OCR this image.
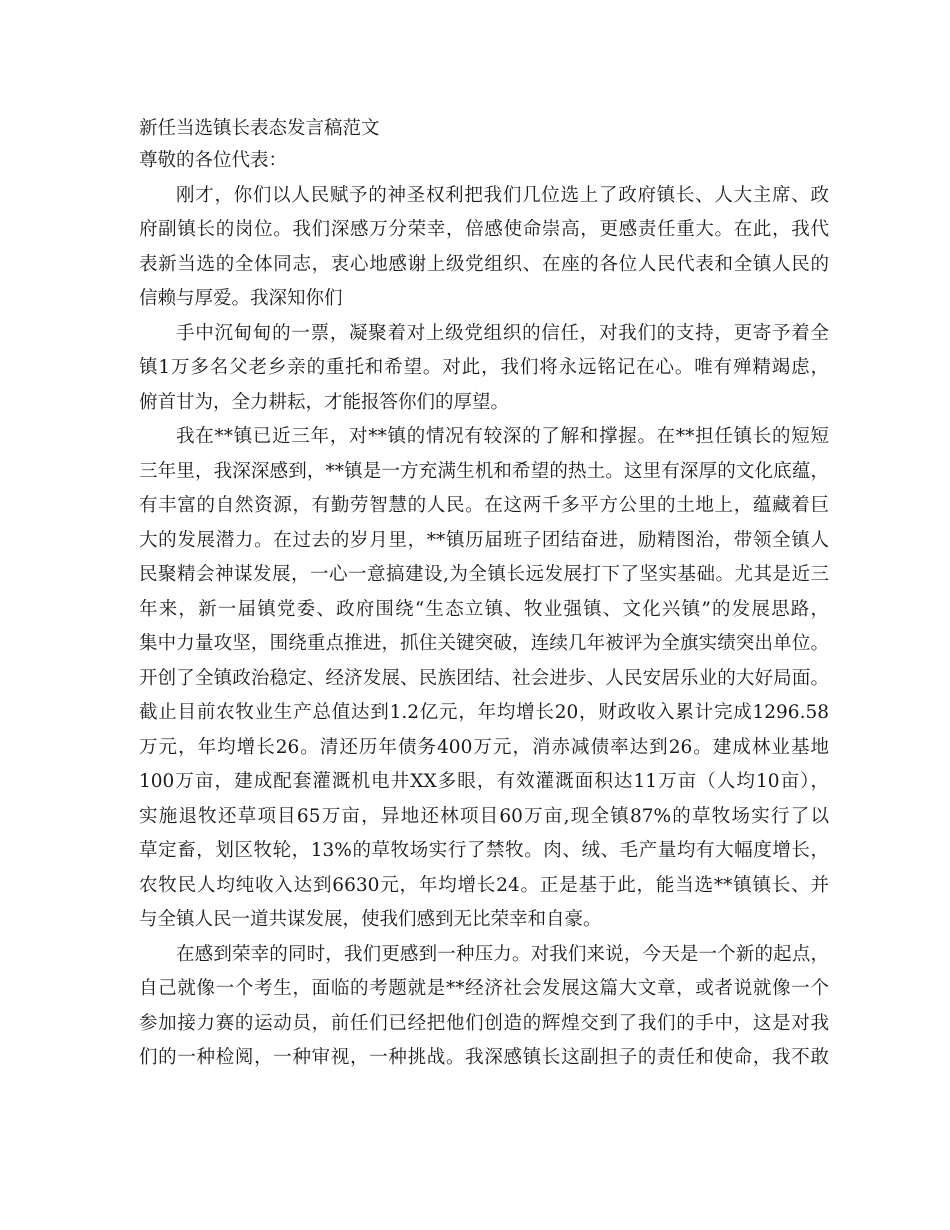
新任当选镇长表态发言稿范文
尊敬的各位代表：
刚才，你们以人民赋予的神圣权利把我们几位选上了政府镇长、人大主席、政
府副镇长的岗位。我们深感万分荣幸，倍感使命崇高，更感责任重大。在此，我代
表新当选的全体同志，衷心地感谢上级党组织、在座的各位人民代表和全镇人民的
信赖与厚爱。我深知你们
手中沉甸甸的一票，凝聚着对上级党组织的信任，对我们的支持，更寄予着全
镇1万多名父老乡亲的重托和希望。对此，我们将永远铭记在心。唯有殚精竭虑，
俯首甘为，全力耕耘，才能报答你们的厚望。
我在**镇已近三年，对**镇的情况有较深的了解和撑握。在**担任镇长的短短
三年里，我深深感到，**镇是一方充满生机和希望的热土。这里有深厚的文化底蕴，
有丰富的自然资源，有勤劳智慧的人民。在这两千多平方公里的土地上，蕴藏着巨
大的发展潜力。在过去的岁月里，**镇历届班子团结奋进，励精图治，带领全镇人
民聚精会神谋发展，一心一意搞建设,为全镇长远发展打下了坚实基础。尤其是近三
年来，新一届镇党委、政府围绕“生态立镇、牧业强镇、文化兴镇”的发展思路，
集中力量攻坚，围绕重点推进，抓住关键突破，连续几年被评为全旗实绩突出单位。
开创了全镇政治稳定、经济发展、民族团结、社会进步、人民安居乐业的大好局面。
截止目前农牧业生产总值达到1.2亿元，年均增长20，财政收入累计完成1296.58
万元，年均增长26。清还历年债务400万元，消赤减债率达到26。建成林业基地
100万亩，建成配套灌溉机电井XX多眼，有效灌溉面积达11万亩（人均10亩），
实施退牧还草项目65万亩，异地还林项目60万亩,现全镇87%的草牧场实行了以
草定畜，划区牧轮，13%的草牧场实行了禁牧。肉、绒、毛产量均有大幅度增长，
农牧民人均纯收入达到6630元，年均增长24。正是基于此，能当选**镇镇长、并
与全镇人民一道共谋发展，使我们感到无比荣幸和自豪。
在感到荣幸的同时，我们更感到一种压力。对我们来说，今天是一个新的起点，
自己就像一个考生，面临的考题就是**经济社会发展这篇大文章，或者说就像一个
参加接力赛的运动员，前任们已经把他们创造的辉煌交到了我们的手中，这是对我
们的一种检阅，一种审视，一种挑战。我深感镇长这副担子的责任和使命，我不敢
